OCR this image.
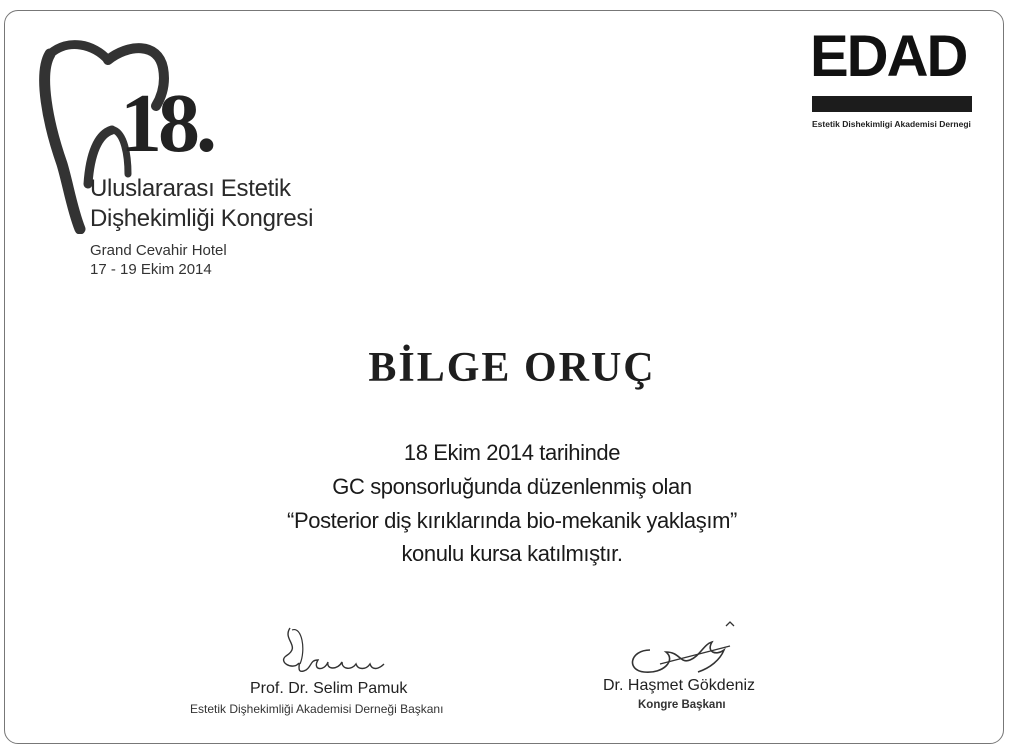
18.
Uluslararası Estetik
Dişhekimliği Kongresi
Grand Cevahir Hotel
17 - 19 Ekim 2014
EDAD
Estetik Dishekimligi Akademisi Dernegi
BİLGE ORUÇ
18 Ekim 2014 tarihinde
GC sponsorluğunda düzenlenmiş olan
“Posterior diş kırıklarında bio-mekanik yaklaşım”
konulu kursa katılmıştır.
Prof. Dr. Selim Pamuk
Estetik Dişhekimliği Akademisi Derneği Başkanı
Dr. Haşmet Gökdeniz
Kongre Başkanı
